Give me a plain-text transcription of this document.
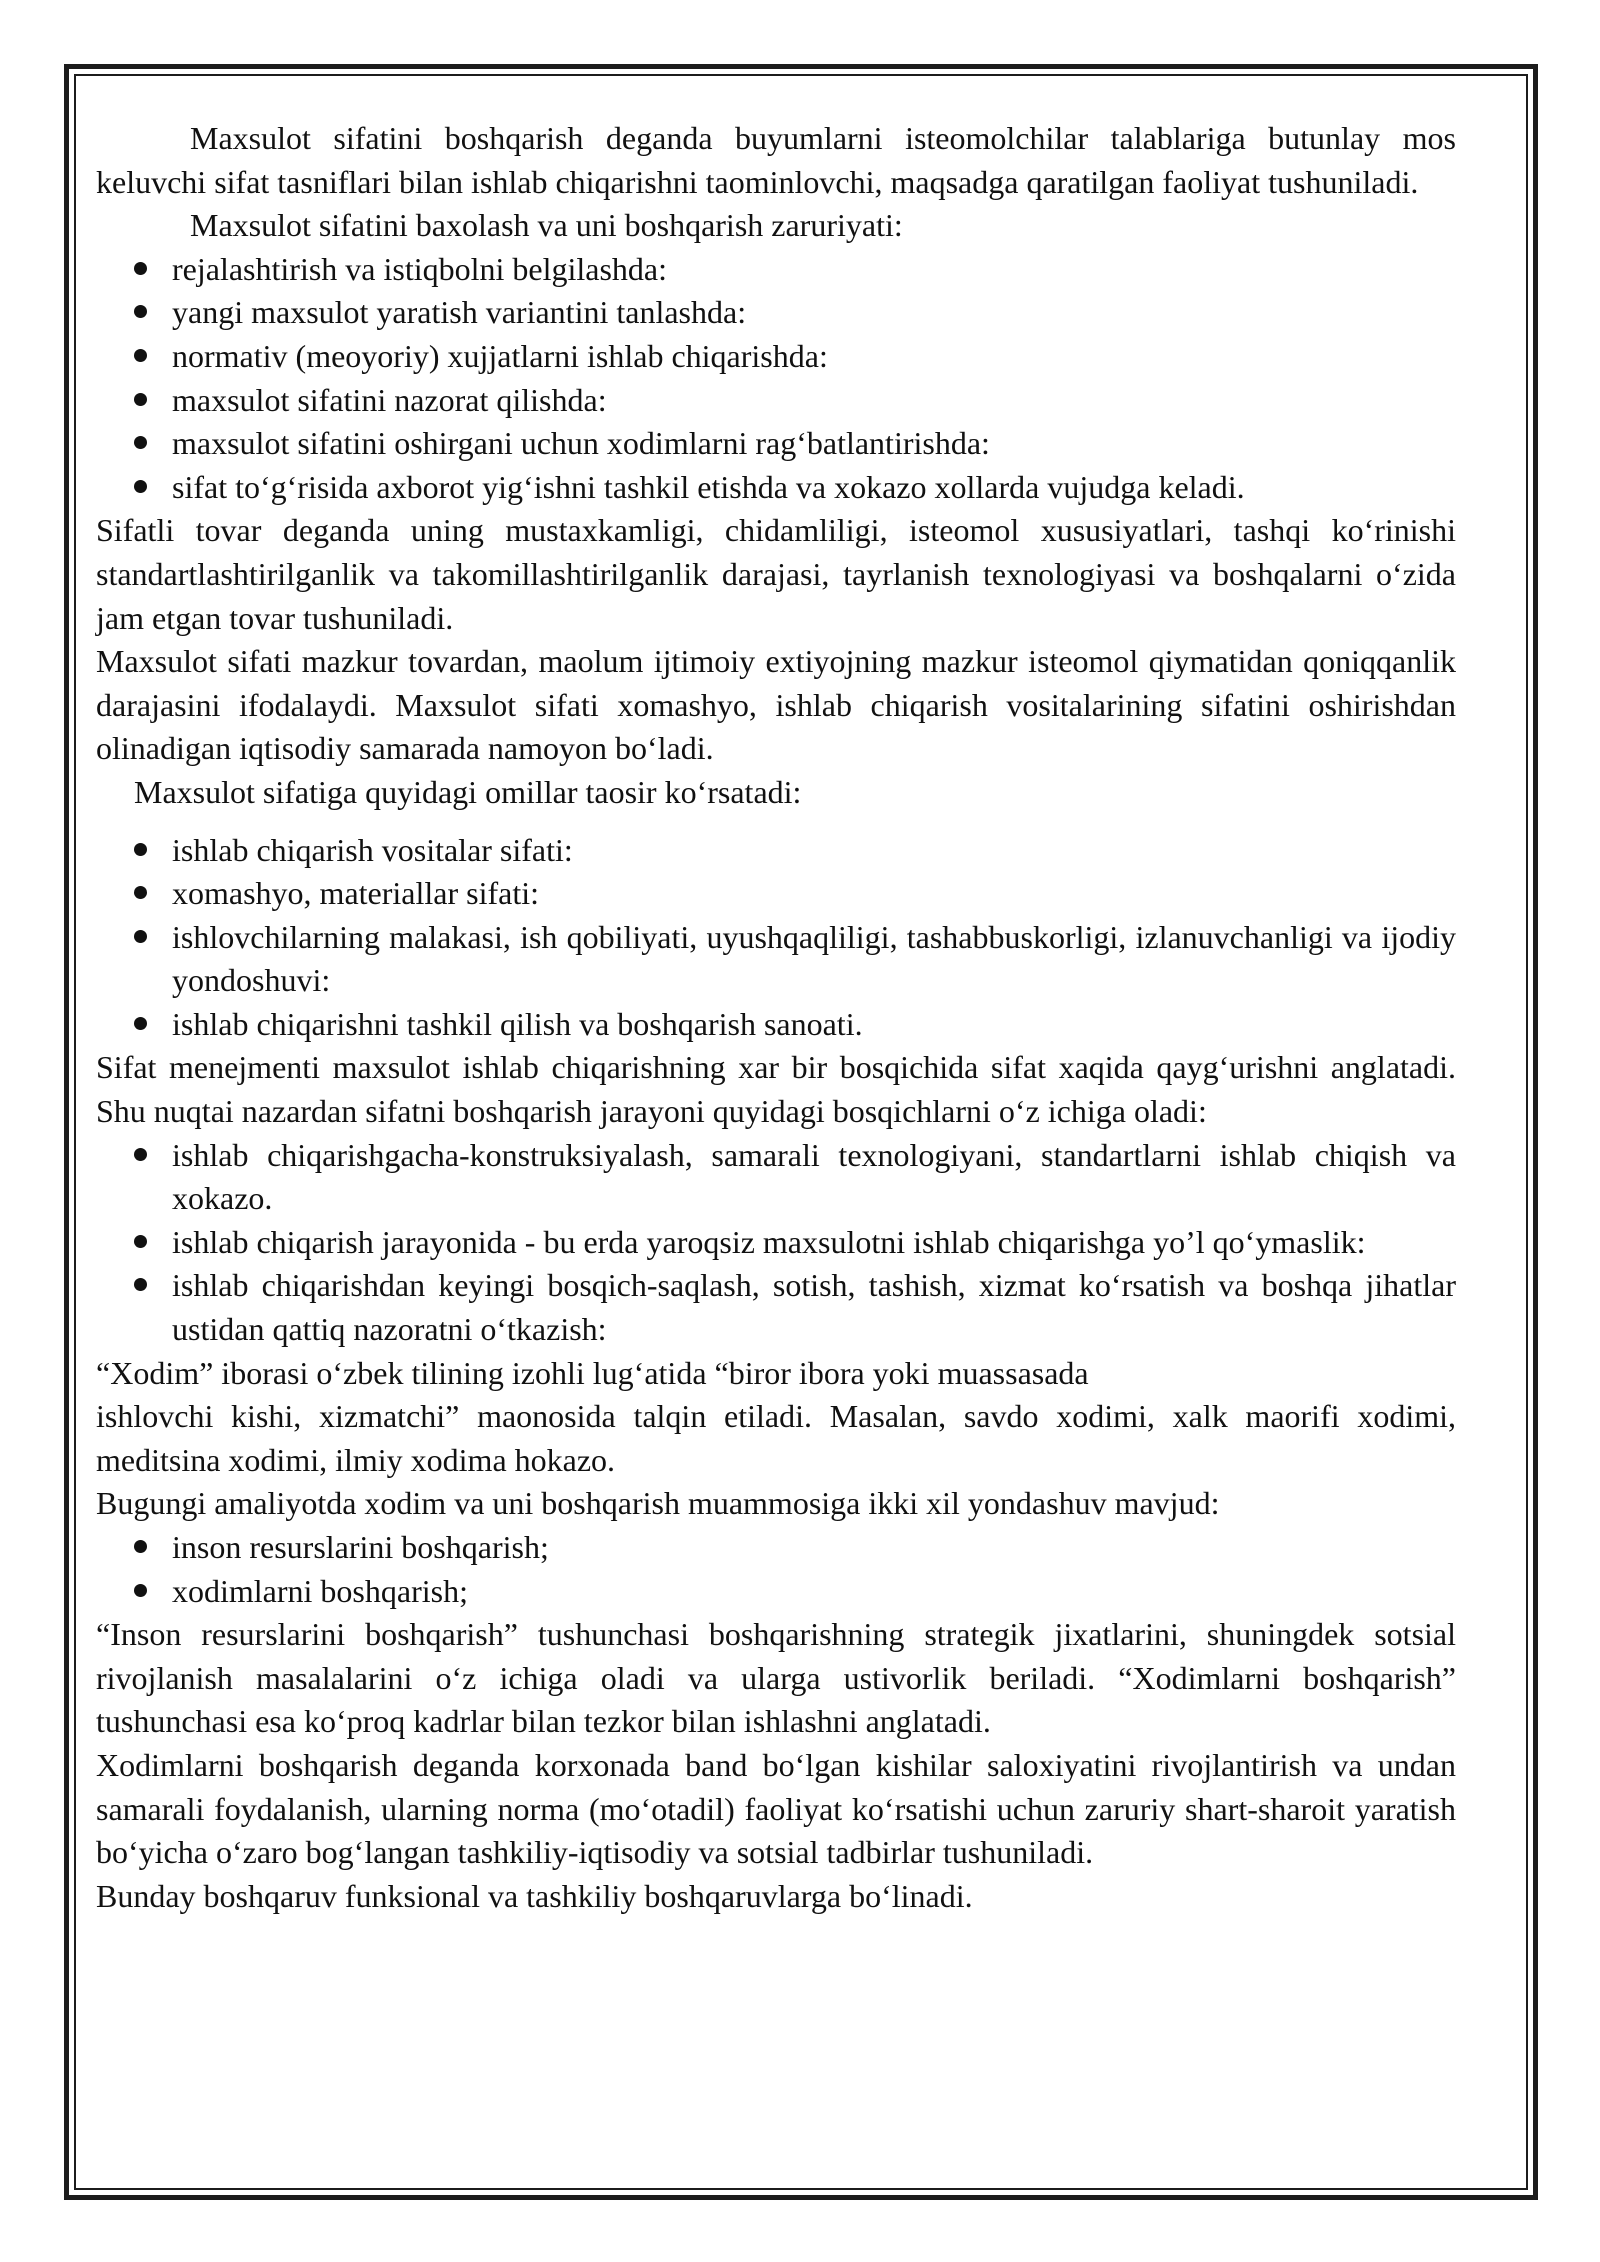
Maxsulot sifatini boshqarish deganda buyumlarni isteomolchilar talablariga butunlay mos keluvchi sifat tasniflari bilan ishlab chiqarishni taominlovchi, maqsadga qaratilgan faoliyat tushuniladi.

Maxsulot sifatini baxolash va uni boshqarish zaruriyati:

rejalashtirish va istiqbolni belgilashda:
yangi maxsulot yaratish variantini tanlashda:
normativ (meoyoriy) xujjatlarni ishlab chiqarishda:
maxsulot sifatini nazorat qilishda:
maxsulot sifatini oshirgani uchun xodimlarni rag‘batlantirishda:
sifat to‘g‘risida axborot yig‘ishni tashkil etishda va xokazo xollarda vujudga keladi.

Sifatli tovar deganda uning mustaxkamligi, chidamliligi, isteomol xususiyatlari, tashqi ko‘rinishi standartlashtirilganlik va takomillashtirilganlik darajasi, tayrlanish texnologiyasi va boshqalarni o‘zida jam etgan tovar tushuniladi.

Maxsulot sifati mazkur tovardan, maolum ijtimoiy extiyojning mazkur isteomol qiymatidan qoniqqanlik darajasini ifodalaydi. Maxsulot sifati xomashyo, ishlab chiqarish vositalarining sifatini oshirishdan olinadigan iqtisodiy samarada namoyon bo‘ladi.

Maxsulot sifatiga quyidagi omillar taosir ko‘rsatadi:

ishlab chiqarish vositalar sifati:
xomashyo, materiallar sifati:
ishlovchilarning malakasi, ish qobiliyati, uyushqaqliligi, tashabbuskorligi, izlanuvchanligi va ijodiy yondoshuvi:
ishlab chiqarishni tashkil qilish va boshqarish sanoati.

Sifat menejmenti maxsulot ishlab chiqarishning xar bir bosqichida sifat xaqida qayg‘urishni anglatadi. Shu nuqtai nazardan sifatni boshqarish jarayoni quyidagi bosqichlarni o‘z ichiga oladi:

ishlab chiqarishgacha-konstruksiyalash, samarali texnologiyani, standartlarni ishlab chiqish va xokazo.
ishlab chiqarish jarayonida - bu erda yaroqsiz maxsulotni ishlab chiqarishga yo’l qo‘ymaslik:
ishlab chiqarishdan keyingi bosqich-saqlash, sotish, tashish, xizmat ko‘rsatish va boshqa jihatlar ustidan qattiq nazoratni o‘tkazish:

“Xodim” iborasi o‘zbek tilining izohli lug‘atida “biror ibora yoki muassasada

ishlovchi kishi, xizmatchi” maonosida talqin etiladi. Masalan, savdo xodimi, xalk maorifi xodimi, meditsina xodimi, ilmiy xodima hokazo.

Bugungi amaliyotda xodim va uni boshqarish muammosiga ikki xil yondashuv mavjud:

inson resurslarini boshqarish;
xodimlarni boshqarish;

“Inson resurslarini boshqarish” tushunchasi boshqarishning strategik jixatlarini, shuningdek sotsial rivojlanish masalalarini o‘z ichiga oladi va ularga ustivorlik beriladi. “Xodimlarni boshqarish” tushunchasi esa ko‘proq kadrlar bilan tezkor bilan ishlashni anglatadi.

Xodimlarni boshqarish deganda korxonada band bo‘lgan kishilar saloxiyatini rivojlantirish va undan samarali foydalanish, ularning norma (mo‘otadil) faoliyat ko‘rsatishi uchun zaruriy shart-sharoit yaratish bo‘yicha o‘zaro bog‘langan tashkiliy-iqtisodiy va sotsial tadbirlar tushuniladi.

Bunday boshqaruv funksional va tashkiliy boshqaruvlarga bo‘linadi.
